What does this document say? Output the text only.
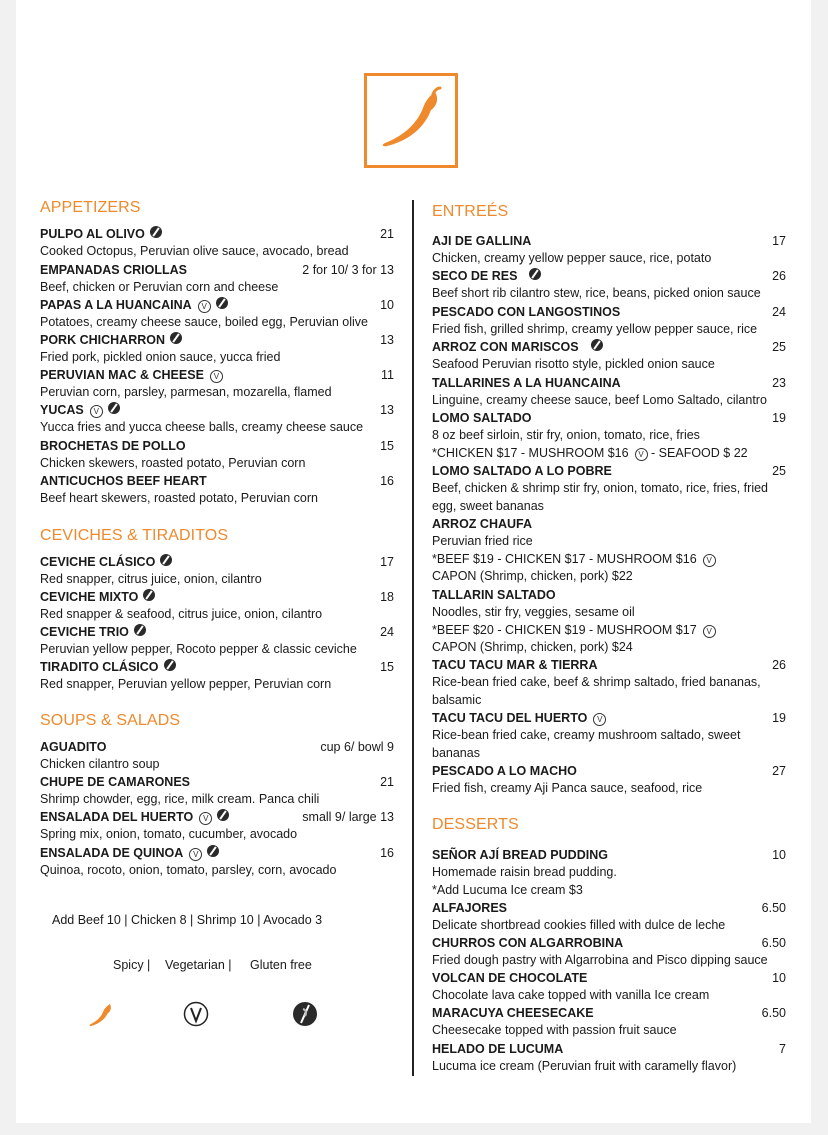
APPETIZERS
PULPO AL OLIVO	21
Cooked Octopus, Peruvian olive sauce, avocado, bread
EMPANADAS CRIOLLAS	2 for 10/ 3 for 13
Beef, chicken or Peruvian corn and cheese
PAPAS A LA HUANCAINA V	10
Potatoes, creamy cheese sauce, boiled egg, Peruvian olive
PORK CHICHARRON	13
Fried pork, pickled onion sauce, yucca fried
PERUVIAN MAC & CHEESE V	11
Peruvian corn, parsley, parmesan, mozarella, flamed
YUCAS V	13
Yucca fries and yucca cheese balls, creamy cheese sauce
BROCHETAS DE POLLO	15
Chicken skewers, roasted potato, Peruvian corn
ANTICUCHOS BEEF HEART	16
Beef heart skewers, roasted potato, Peruvian corn
CEVICHES & TIRADITOS
CEVICHE CLÁSICO	17
Red snapper, citrus juice, onion, cilantro
CEVICHE MIXTO	18
Red snapper & seafood, citrus juice, onion, cilantro
CEVICHE TRIO	24
Peruvian yellow pepper, Rocoto pepper & classic ceviche
TIRADITO CLÁSICO	15
Red snapper, Peruvian yellow pepper, Peruvian corn
SOUPS & SALADS
AGUADITO	cup 6/ bowl 9
Chicken cilantro soup
CHUPE DE CAMARONES	21
Shrimp chowder, egg, rice, milk cream. Panca chili
ENSALADA DEL HUERTO V	small 9/ large 13
Spring mix, onion, tomato, cucumber, avocado
ENSALADA DE QUINOA V	16
Quinoa, rocoto, onion, tomato, parsley, corn, avocado
Add Beef 10 | Chicken 8 | Shrimp 10 | Avocado 3
Spicy | Vegetarian | Gluten free
ENTREÉS
AJI DE GALLINA	17
Chicken, creamy yellow pepper sauce, rice, potato
SECO DE RES	26
Beef short rib cilantro stew, rice, beans, picked onion sauce
PESCADO CON LANGOSTINOS	24
Fried fish, grilled shrimp, creamy yellow pepper sauce, rice
ARROZ CON MARISCOS	25
Seafood Peruvian risotto style, pickled onion sauce
TALLARINES A LA HUANCAINA	23
Linguine, creamy cheese sauce, beef Lomo Saltado, cilantro
LOMO SALTADO	19
8 oz beef sirloin, stir fry, onion, tomato, rice, fries
*CHICKEN $17 - MUSHROOM $16 V - SEAFOOD $ 22
LOMO SALTADO A LO POBRE	25
Beef, chicken & shrimp stir fry, onion, tomato, rice, fries, fried egg, sweet bananas
ARROZ CHAUFA
Peruvian fried rice
*BEEF $19 - CHICKEN $17 - MUSHROOM $16 V
CAPON (Shrimp, chicken, pork) $22
TALLARIN SALTADO
Noodles, stir fry, veggies, sesame oil
*BEEF $20 - CHICKEN $19 - MUSHROOM $17 V
CAPON (Shrimp, chicken, pork) $24
TACU TACU MAR & TIERRA	26
Rice-bean fried cake, beef & shrimp saltado, fried bananas, balsamic
TACU TACU DEL HUERTO V	19
Rice-bean fried cake, creamy mushroom saltado, sweet bananas
PESCADO A LO MACHO	27
Fried fish, creamy Aji Panca sauce, seafood, rice
DESSERTS
SEÑOR AJÍ BREAD PUDDING	10
Homemade raisin bread pudding.
*Add Lucuma Ice cream $3
ALFAJORES	6.50
Delicate shortbread cookies filled with dulce de leche
CHURROS CON ALGARROBINA	6.50
Fried dough pastry with Algarrobina and Pisco dipping sauce
VOLCAN DE CHOCOLATE	10
Chocolate lava cake topped with vanilla Ice cream
MARACUYA CHEESECAKE	6.50
Cheesecake topped with passion fruit sauce
HELADO DE LUCUMA	7
Lucuma ice cream (Peruvian fruit with caramelly flavor)
